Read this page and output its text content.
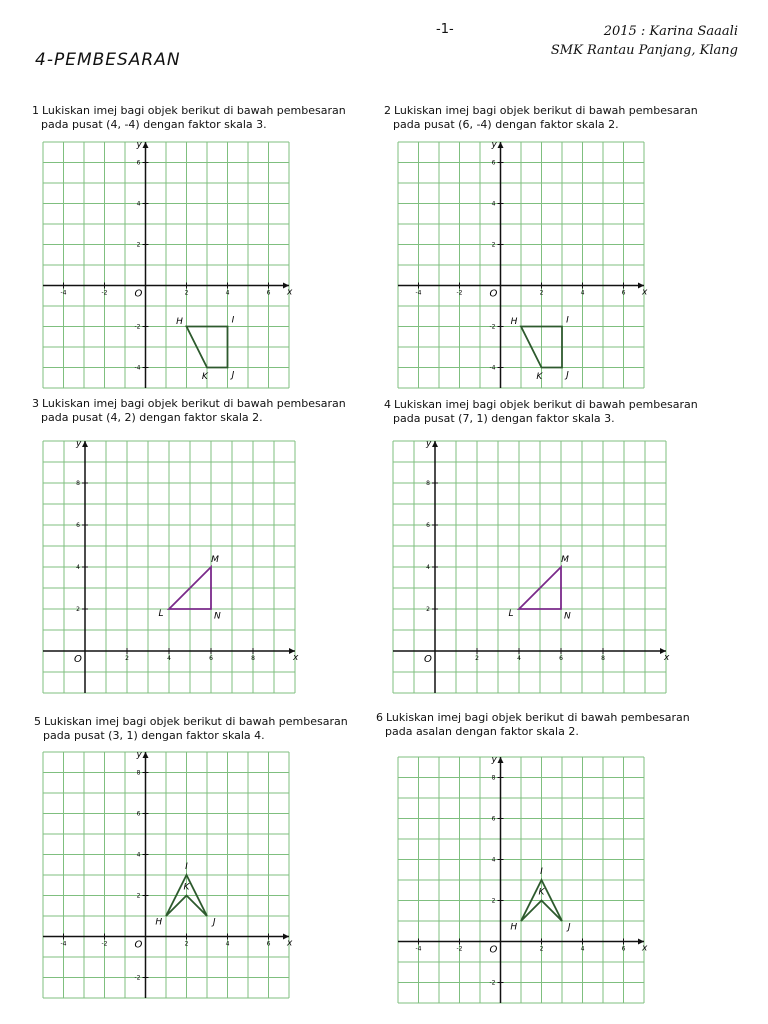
-1-	2015 : Karina Saaali
SMK Rantau Panjang, Klang
4-PEMBESARAN
1 Lukiskan imej bagi objek berikut di bawah pembesaran
pada pusat (4, -4) dengan faktor skala 3.
2 Lukiskan imej bagi objek berikut di bawah pembesaran
pada pusat (6, -4) dengan faktor skala 2.
3 Lukiskan imej bagi objek berikut di bawah pembesaran
pada pusat (4, 2) dengan faktor skala 2.
4 Lukiskan imej bagi objek berikut di bawah pembesaran
pada pusat (7, 1) dengan faktor skala 3.
5 Lukiskan imej bagi objek berikut di bawah pembesaran
pada pusat (3, 1) dengan faktor skala 4.
6 Lukiskan imej bagi objek berikut di bawah pembesaran
pada asalan dengan faktor skala 2.
x
y
O
-4	-2	2	4	6
6
4
2
-2
-4
H	I
J
K
x
y
O
-4	-2	2	4	6
6
4
2
-2
-4
H	I
J
K
x
y
O	2	4	6	8
8
6
4
2	L
M
N
x
y
O	2	4	6	8
8
6
4
2	L
M
N
x
y
O
-4	-2	2	4	6
8
6
4
2
-2
H
I
J
K
x
y
O
-4	-2	2	4	6
8
6
4
2
-2
H
I
J
K
